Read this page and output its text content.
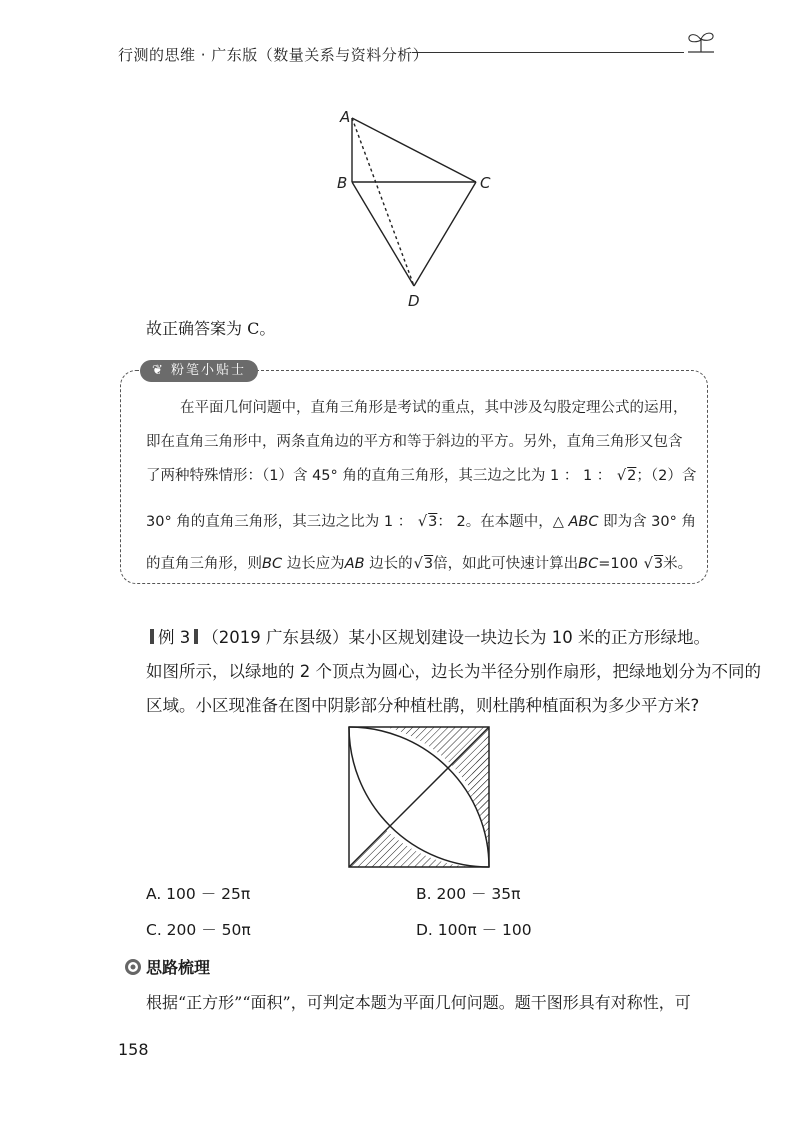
行测的思维 · 广东版（数量关系与资料分析）
A
B	C
D
故正确答案为 C。
❦ 粉笔小贴士
在平面几何问题中，直角三角形是考试的重点，其中涉及勾股定理公式的运用，
即在直角三角形中，两条直角边的平方和等于斜边的平方。另外，直角三角形又包含
了两种特殊情形：（1）含 45° 角的直角三角形，其三边之比为 1 ： 1 ： √ 2；（2）含
30° 角的直角三角形，其三边之比为 1 ： √ 3： 2。在本题中，△ ABC 即为含 30° 角
的直角三角形，则BC 边长应为AB 边长的 √ 3倍，如此可快速计算出BC=100 √ 3米。
例 3 （2019 广东县级）某小区规划建设一块边长为 10 米的正方形绿地。
如图所示，以绿地的 2 个顶点为圆心，边长为半径分别作扇形，把绿地划分为不同的
区域。小区现准备在图中阴影部分种植杜鹃，则杜鹃种植面积为多少平方米?
A. 100 － 25π	B. 200 － 35π
C. 200 － 50π	D. 100π － 100
思路梳理
根据“正方形”“面积”，可判定本题为平面几何问题。题干图形具有对称性，可
158
